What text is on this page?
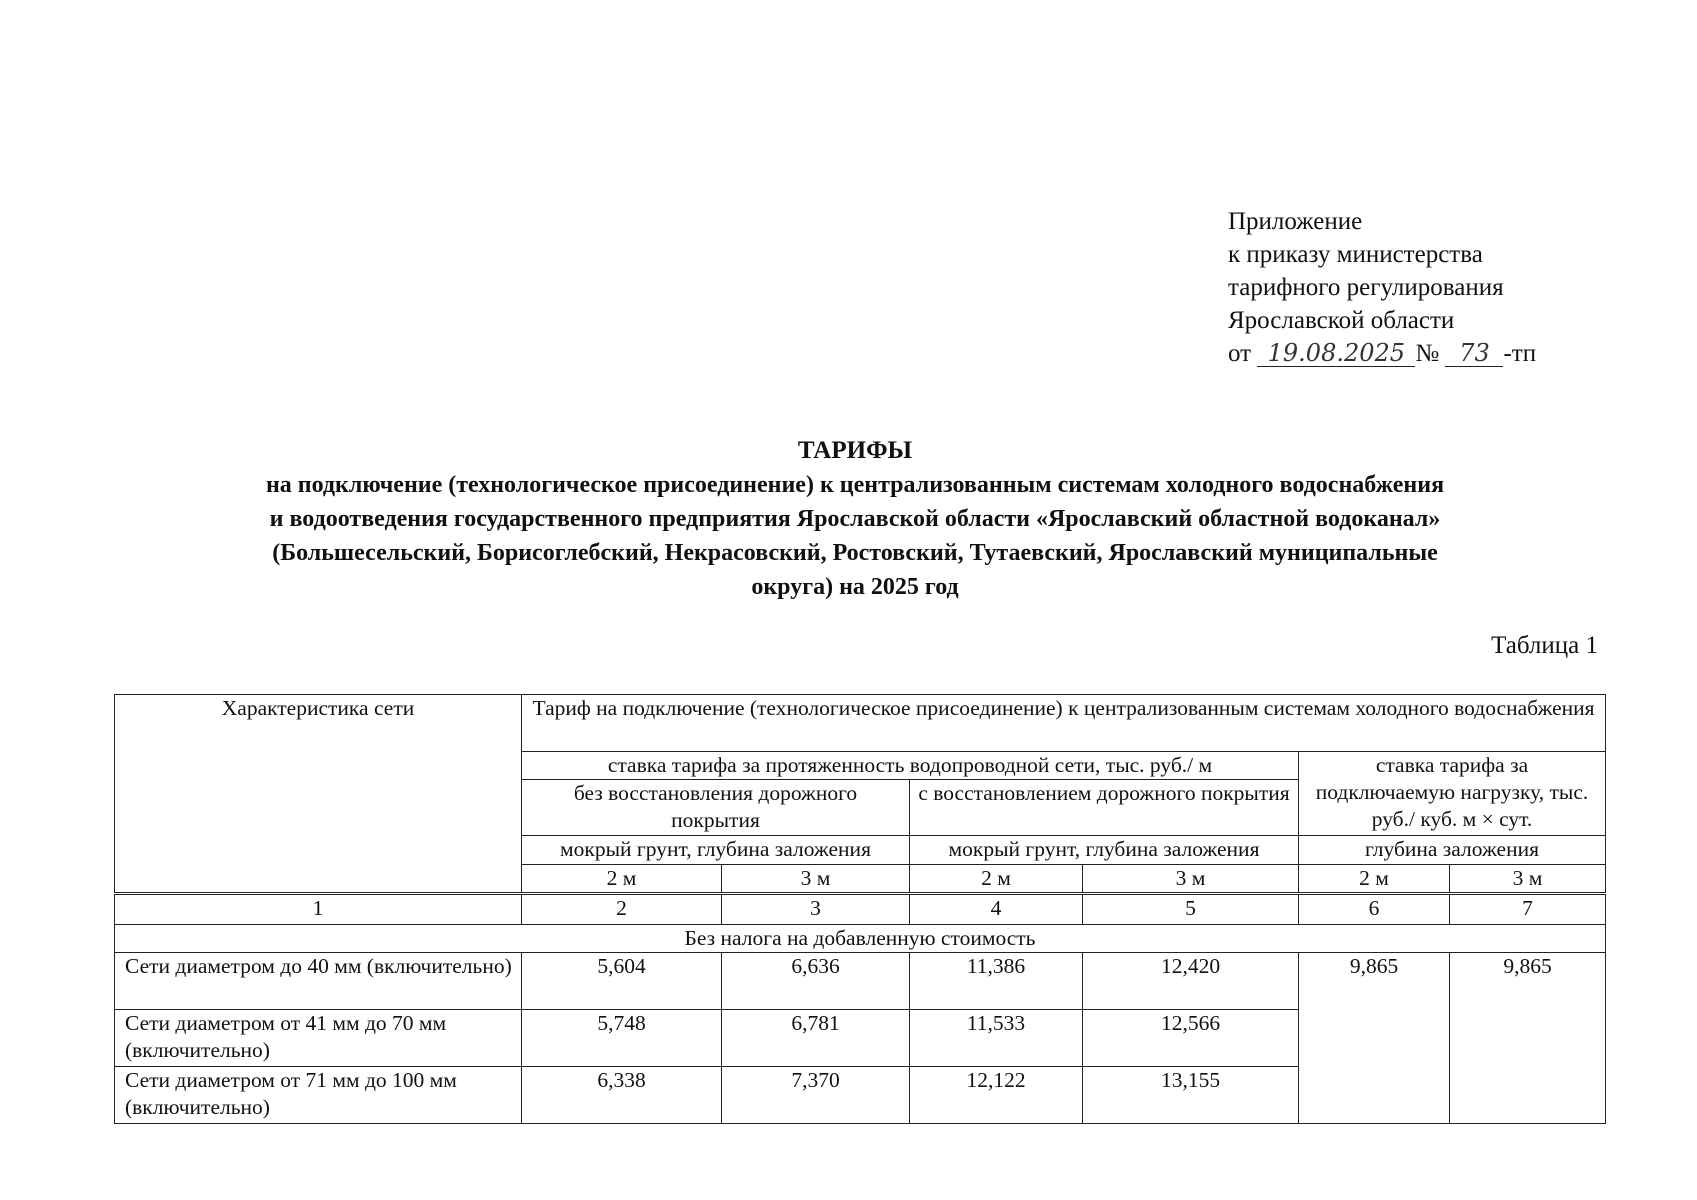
Приложение
к приказу министерства
тарифного регулирования
Ярославской области
от 19.08.2025 № 73 -тп
ТАРИФЫ
на подключение (технологическое присоединение) к централизованным системам холодного водоснабжения
и водоотведения государственного предприятия Ярославской области «Ярославский областной водоканал»
(Большесельский, Борисоглебский, Некрасовский, Ростовский, Тутаевский, Ярославский муниципальные
округа) на 2025 год
Таблица 1
Характеристика сети	Тариф на подключение (технологическое присоединение) к централизованным системам холодного водоснабжения					
	ставка тарифа за протяженность водопроводной сети, тыс. руб./ м				ставка тарифа за подключаемую нагрузку, тыс. руб./ куб. м × сут.	
	без восстановления дорожного покрытия		с восстановлением дорожного покрытия			
	мокрый грунт, глубина заложения		мокрый грунт, глубина заложения		глубина заложения	
	2 м	3 м	2 м	3 м	2 м	3 м
1	2	3	4	5	6	7
Без налога на добавленную стоимость						
Сети диаметром до 40 мм (включительно)	5,604	6,636	11,386	12,420	9,865	9,865
Сети диаметром от 41 мм до 70 мм (включительно)	5,748	6,781	11,533	12,566		
Сети диаметром от 71 мм до 100 мм (включительно)	6,338	7,370	12,122	13,155		
